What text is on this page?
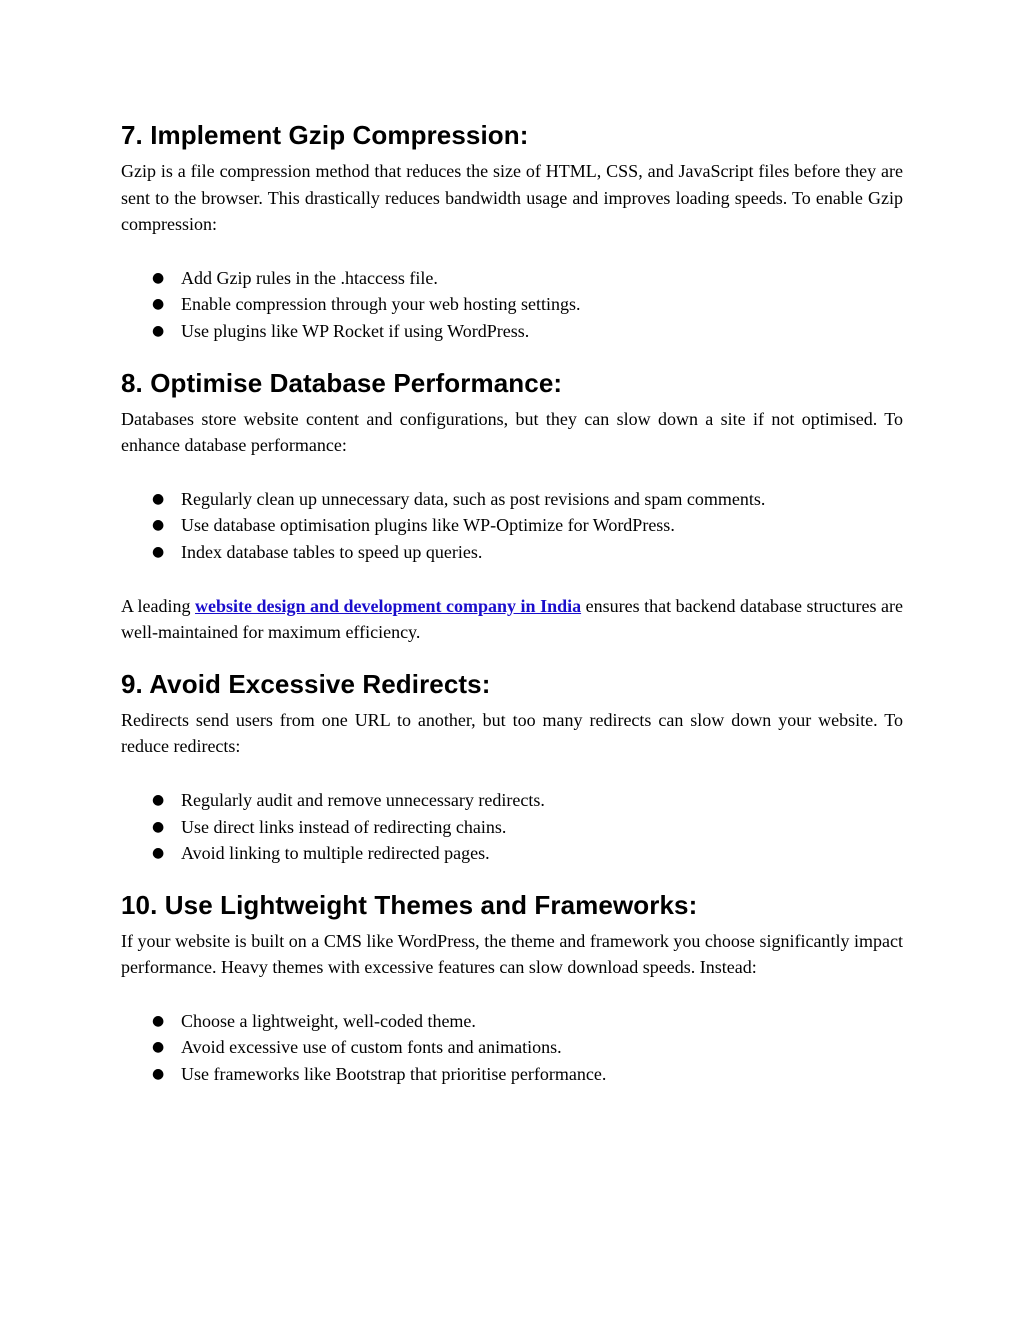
7. Implement Gzip Compression:

Gzip is a file compression method that reduces the size of HTML, CSS, and JavaScript files before they are sent to the browser. This drastically reduces bandwidth usage and improves loading speeds. To enable Gzip compression:

● Add Gzip rules in the .htaccess file.
● Enable compression through your web hosting settings.
● Use plugins like WP Rocket if using WordPress.
8. Optimise Database Performance:

Databases store website content and configurations, but they can slow down a site if not optimised. To enhance database performance:

● Regularly clean up unnecessary data, such as post revisions and spam comments.
● Use database optimisation plugins like WP-Optimize for WordPress.
● Index database tables to speed up queries.

A leading website design and development company in India ensures that backend database structures are well-maintained for maximum efficiency.

9. Avoid Excessive Redirects:

Redirects send users from one URL to another, but too many redirects can slow down your website. To reduce redirects:

● Regularly audit and remove unnecessary redirects.
● Use direct links instead of redirecting chains.
● Avoid linking to multiple redirected pages.
10. Use Lightweight Themes and Frameworks:

If your website is built on a CMS like WordPress, the theme and framework you choose significantly impact performance. Heavy themes with excessive features can slow download speeds. Instead:

● Choose a lightweight, well-coded theme.
● Avoid excessive use of custom fonts and animations.
● Use frameworks like Bootstrap that prioritise performance.
